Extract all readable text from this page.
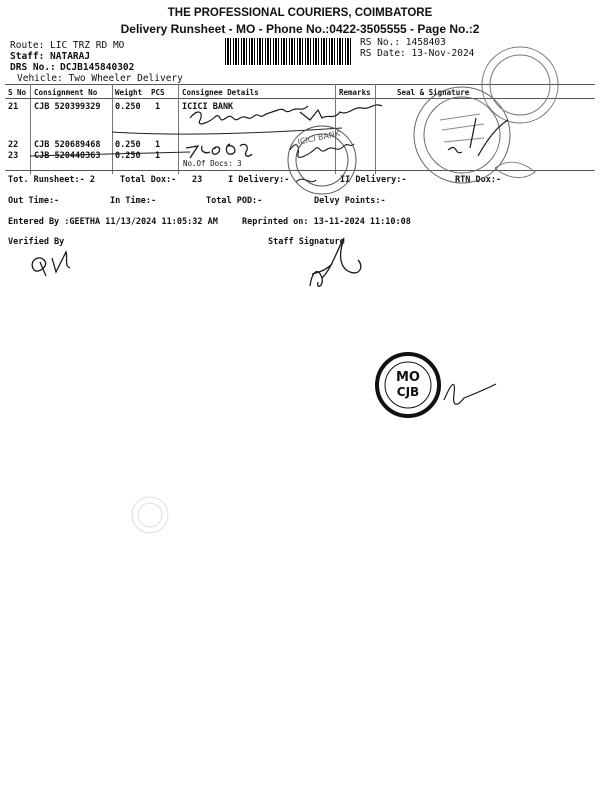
THE PROFESSIONAL COURIERS, COIMBATORE
Delivery Runsheet - MO - Phone No.:0422-3505555 - Page No.:2
Route: LIC TRZ RD MO
Staff: NATARAJ
DRS No.: DCJB145840302
Vehicle: Two Wheeler Delivery
RS No.: 1458403
RS Date: 13-Nov-2024
S No Consignment No Weight PCS Consignee Details	Remarks	Seal & Signature
21 CJB 520399329 0.250 1	ICICI BANK
22 CJB 520689468 0.250 1
23 CJB 520440363 0.250 1
No.Of Docs: 3
Tot. Runsheet:- 2	Total Dox:- 23	I Delivery:-	II Delivery:-	RTN Dox:-
Out Time:-	In Time:-	Total POD:-	Delvy Points:-
Entered By :GEETHA 11/13/2024 11:05:32 AM	Reprinted on: 13-11-2024 11:10:08
Verified By	Staff Signature
ICICI BANK
MO
CJB
